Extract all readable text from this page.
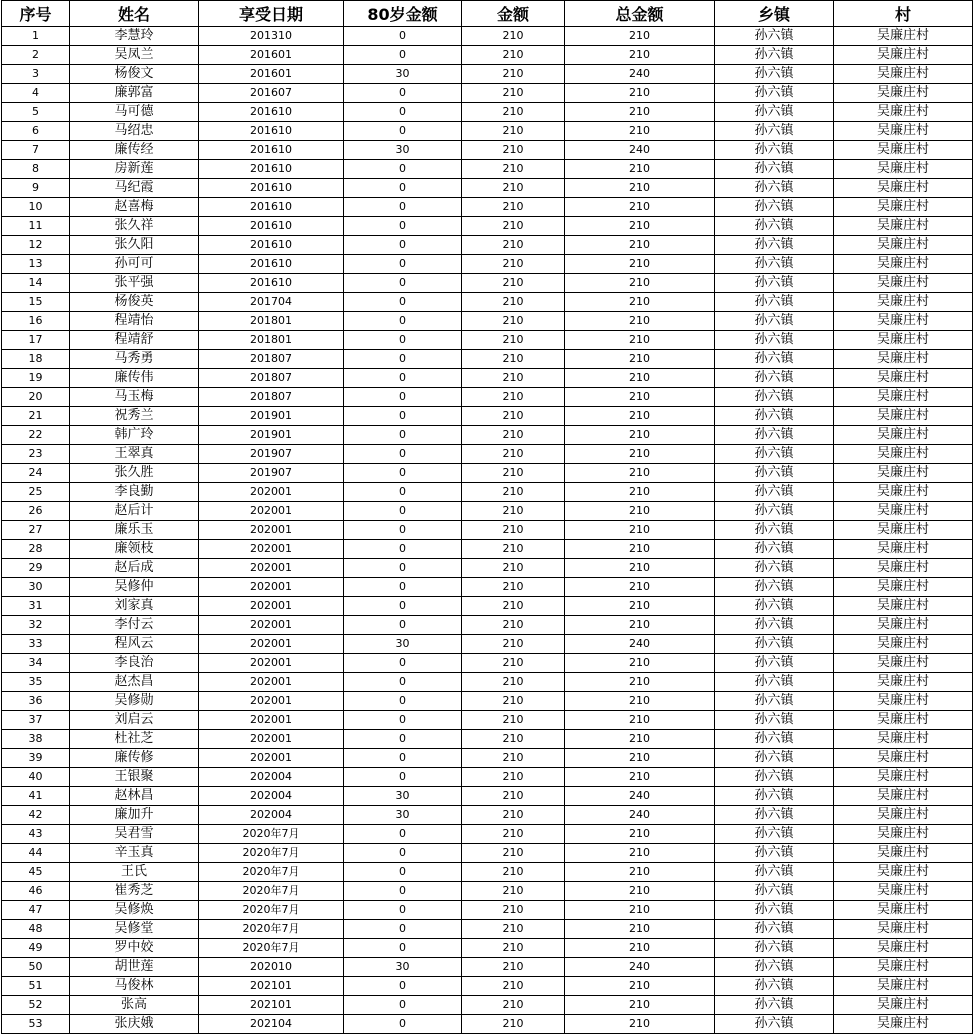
序号	姓名	享受日期	80岁金额	金额	总金额	乡镇	村
1	李慧玲	201310	0	210	210	孙六镇	吴廉庄村
2	吴凤兰	201601	0	210	210	孙六镇	吴廉庄村
3	杨俊文	201601	30	210	240	孙六镇	吴廉庄村
4	廉郭富	201607	0	210	210	孙六镇	吴廉庄村
5	马可德	201610	0	210	210	孙六镇	吴廉庄村
6	马绍忠	201610	0	210	210	孙六镇	吴廉庄村
7	廉传经	201610	30	210	240	孙六镇	吴廉庄村
8	房新莲	201610	0	210	210	孙六镇	吴廉庄村
9	马纪霞	201610	0	210	210	孙六镇	吴廉庄村
10	赵喜梅	201610	0	210	210	孙六镇	吴廉庄村
11	张久祥	201610	0	210	210	孙六镇	吴廉庄村
12	张久阳	201610	0	210	210	孙六镇	吴廉庄村
13	孙可可	201610	0	210	210	孙六镇	吴廉庄村
14	张平强	201610	0	210	210	孙六镇	吴廉庄村
15	杨俊英	201704	0	210	210	孙六镇	吴廉庄村
16	程靖怡	201801	0	210	210	孙六镇	吴廉庄村
17	程靖舒	201801	0	210	210	孙六镇	吴廉庄村
18	马秀勇	201807	0	210	210	孙六镇	吴廉庄村
19	廉传伟	201807	0	210	210	孙六镇	吴廉庄村
20	马玉梅	201807	0	210	210	孙六镇	吴廉庄村
21	祝秀兰	201901	0	210	210	孙六镇	吴廉庄村
22	韩广玲	201901	0	210	210	孙六镇	吴廉庄村
23	王翠真	201907	0	210	210	孙六镇	吴廉庄村
24	张久胜	201907	0	210	210	孙六镇	吴廉庄村
25	李良勤	202001	0	210	210	孙六镇	吴廉庄村
26	赵后计	202001	0	210	210	孙六镇	吴廉庄村
27	廉乐玉	202001	0	210	210	孙六镇	吴廉庄村
28	廉领枝	202001	0	210	210	孙六镇	吴廉庄村
29	赵后成	202001	0	210	210	孙六镇	吴廉庄村
30	吴修仲	202001	0	210	210	孙六镇	吴廉庄村
31	刘家真	202001	0	210	210	孙六镇	吴廉庄村
32	李付云	202001	0	210	210	孙六镇	吴廉庄村
33	程风云	202001	30	210	240	孙六镇	吴廉庄村
34	李良治	202001	0	210	210	孙六镇	吴廉庄村
35	赵杰昌	202001	0	210	210	孙六镇	吴廉庄村
36	吴修勋	202001	0	210	210	孙六镇	吴廉庄村
37	刘启云	202001	0	210	210	孙六镇	吴廉庄村
38	杜社芝	202001	0	210	210	孙六镇	吴廉庄村
39	廉传修	202001	0	210	210	孙六镇	吴廉庄村
40	王银聚	202004	0	210	210	孙六镇	吴廉庄村
41	赵林昌	202004	30	210	240	孙六镇	吴廉庄村
42	廉加升	202004	30	210	240	孙六镇	吴廉庄村
43	吴君雪	2020年7月	0	210	210	孙六镇	吴廉庄村
44	辛玉真	2020年7月	0	210	210	孙六镇	吴廉庄村
45	王氏	2020年7月	0	210	210	孙六镇	吴廉庄村
46	崔秀芝	2020年7月	0	210	210	孙六镇	吴廉庄村
47	吴修焕	2020年7月	0	210	210	孙六镇	吴廉庄村
48	吴修堂	2020年7月	0	210	210	孙六镇	吴廉庄村
49	罗中姣	2020年7月	0	210	210	孙六镇	吴廉庄村
50	胡世莲	202010	30	210	240	孙六镇	吴廉庄村
51	马俊林	202101	0	210	210	孙六镇	吴廉庄村
52	张高	202101	0	210	210	孙六镇	吴廉庄村
53	张庆娥	202104	0	210	210	孙六镇	吴廉庄村
